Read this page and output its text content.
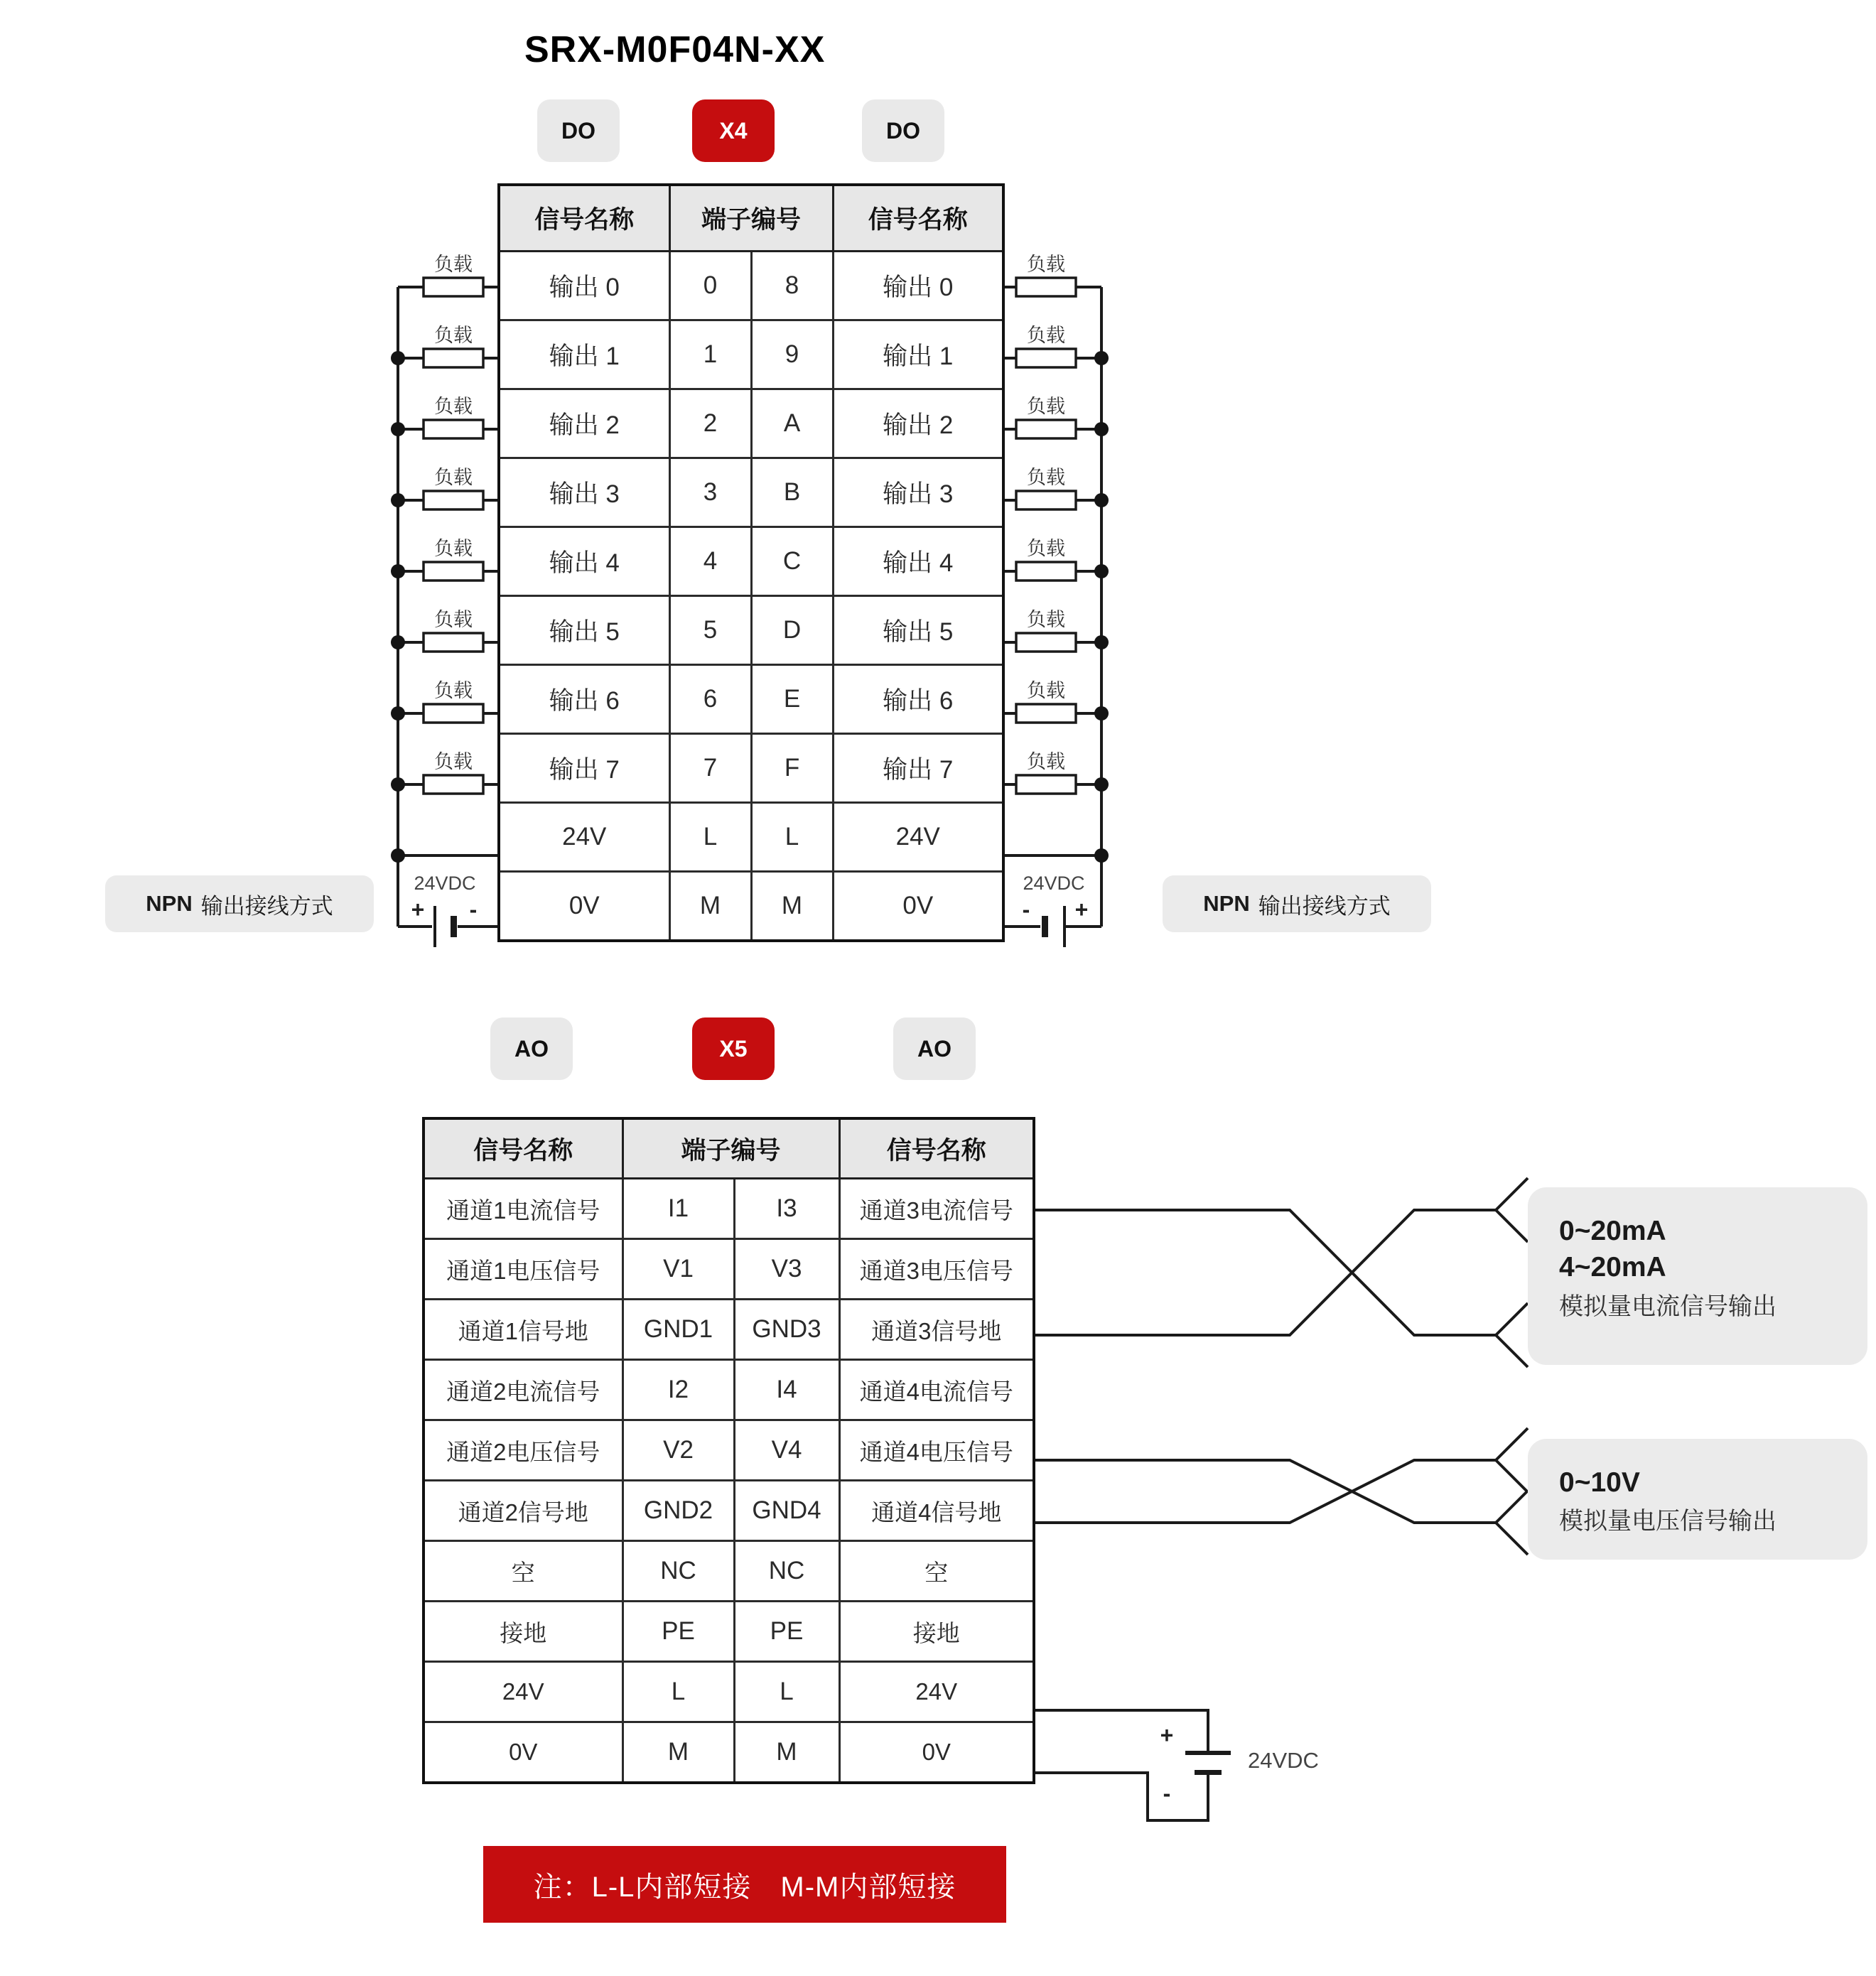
SRX-M0F04N-XX
DO	X4	DO
信号名称	端子编号		信号名称
输出 0	0	8	输出 0
输出 1	1	9	输出 1
输出 2	2	A	输出 2
输出 3	3	B	输出 3
输出 4	4	C	输出 4
输出 5	5	D	输出 5
输出 6	6	E	输出 6
输出 7	7	F	输出 7
24V	L	L	24V
0V	M	M	0V
负载
负载
负载
负载
负载
负载
负载
负载
负载
负载
负载
负载
负载
负载
负载
负载
24VDC
+	-
24VDC
-	+
NPN 输出接线方式	NPN 输出接线方式
AO	X5	AO
信号名称	端子编号		信号名称
通道1电流信号	I1	I3	通道3电流信号
通道1电压信号	V1	V3	通道3电压信号
通道1信号地	GND1	GND3	通道3信号地
通道2电流信号	I2	I4	通道4电流信号
通道2电压信号	V2	V4	通道4电压信号
通道2信号地	GND2	GND4	通道4信号地
空	NC	NC	空
接地	PE	PE	接地
24V	L	L	24V
0V	M	M	0V
0~20mA
4~20mA
模拟量电流信号输出
0~10V
模拟量电压信号输出
+
-
24VDC
注：L-L内部短接　M-M内部短接
